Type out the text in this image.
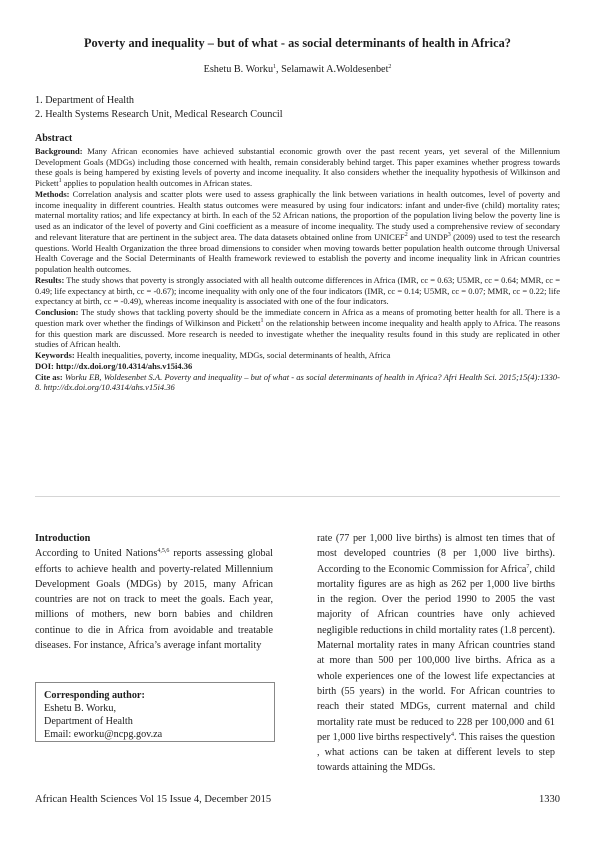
Poverty and inequality – but of what - as social determinants of health in Africa?
Eshetu B. Worku$^1$, Selamawit A.Woldesenbet$^2$
1. Department of Health
2. Health Systems Research Unit, Medical Research Council
Abstract

Background: Many African economies have achieved substantial economic growth over the past recent years, yet several of the Millennium Development Goals (MDGs) including those concerned with health, remain considerably behind target. This paper examines whether progress towards these goals is being hampered by existing levels of poverty and income inequality. It also considers whether the inequality hypothesis of Wilkinson and Pickett$^1$ applies to population health outcomes in African states.

Methods: Correlation analysis and scatter plots were used to assess graphically the link between variations in health outcomes, level of poverty and income inequality in different countries. Health status outcomes were measured by using four indicators: infant and under-five (child) mortality rates; maternal mortality ratios; and life expectancy at birth. In each of the 52 African nations, the proportion of the population living below the poverty line is used as an indicator of the level of poverty and Gini coefficient as a measure of income inequality. The study used a comprehensive review of secondary and relevant literature that are pertinent in the subject area. The data datasets obtained online from UNICEF$^2$ and UNDP$^3$ (2009) used to test the research questions. World Health Organization the three broad dimensions to consider when moving towards better population health outcome through Universal Health Coverage and the Social Determinants of Health framework reviewed to establish the poverty and income inequality link in African countries population health outcomes.

Results: The study shows that poverty is strongly associated with all health outcome differences in Africa (IMR, cc = 0.63; U5MR, cc = 0.64; MMR, cc = 0.49; life expectancy at birth, cc = -0.67); income inequality with only one of the four indicators (IMR, cc = 0.14; U5MR, cc = 0.07; MMR, cc = 0.22; life expectancy at birth, cc = -0.49), whereas income inequality is associated with one of the four indicators.

Conclusion: The study shows that tackling poverty should be the immediate concern in Africa as a means of promoting better health for all. There is a question mark over whether the findings of Wilkinson and Pickett$^1$ on the relationship between income inequality and health apply to Africa. The reasons for this question mark are discussed. More research is needed to investigate whether the inequality results found in this study are replicated in other studies of African health.

Keywords: Health inequalities, poverty, income inequality, MDGs, social determinants of health, Africa

DOI: http://dx.doi.org/10.4314/ahs.v15i4.36

Cite as: Worku EB, Woldesenbet S.A. Poverty and inequality – but of what - as social determinants of health in Africa? Afri Health Sci. 2015;15(4):1330-8. http://dx.doi.org/10.4314/ahs.v15i4.36

Introduction

According to United Nations$^{4,5,6}$ reports assessing global efforts to achieve health and poverty-related Millennium Development Goals (MDGs) by 2015, many African countries are not on track to meet the goals. Each year, millions of mothers, new born babies and children continue to die in Africa from avoidable and treatable diseases. For instance, Africa’s average infant mortality

rate (77 per 1,000 live births) is almost ten times that of most developed countries (8 per 1,000 live births). According to the Economic Commission for Africa$^7$, child mortality figures are as high as 262 per 1,000 live births in the region. Over the period 1990 to 2005 the vast majority of African countries have only achieved negligible reductions in child mortality rates (1.8 percent). Maternal mortality rates in many African countries stand at more than 500 per 100,000 live births. Africa as a whole experiences one of the lowest life expectancies at birth (55 years) in the world. For African countries to reach their stated MDGs, current maternal and child mortality rate must be reduced to 228 per 100,000 and 61 per 1,000 live births respectively$^4$. This raises the question , what actions can be taken at different levels to step towards attaining the MDGs.

Corresponding author:
Eshetu B. Worku,
Department of Health
Email: eworku@ncpg.gov.za
African Health Sciences Vol 15 Issue 4, December 2015	1330
